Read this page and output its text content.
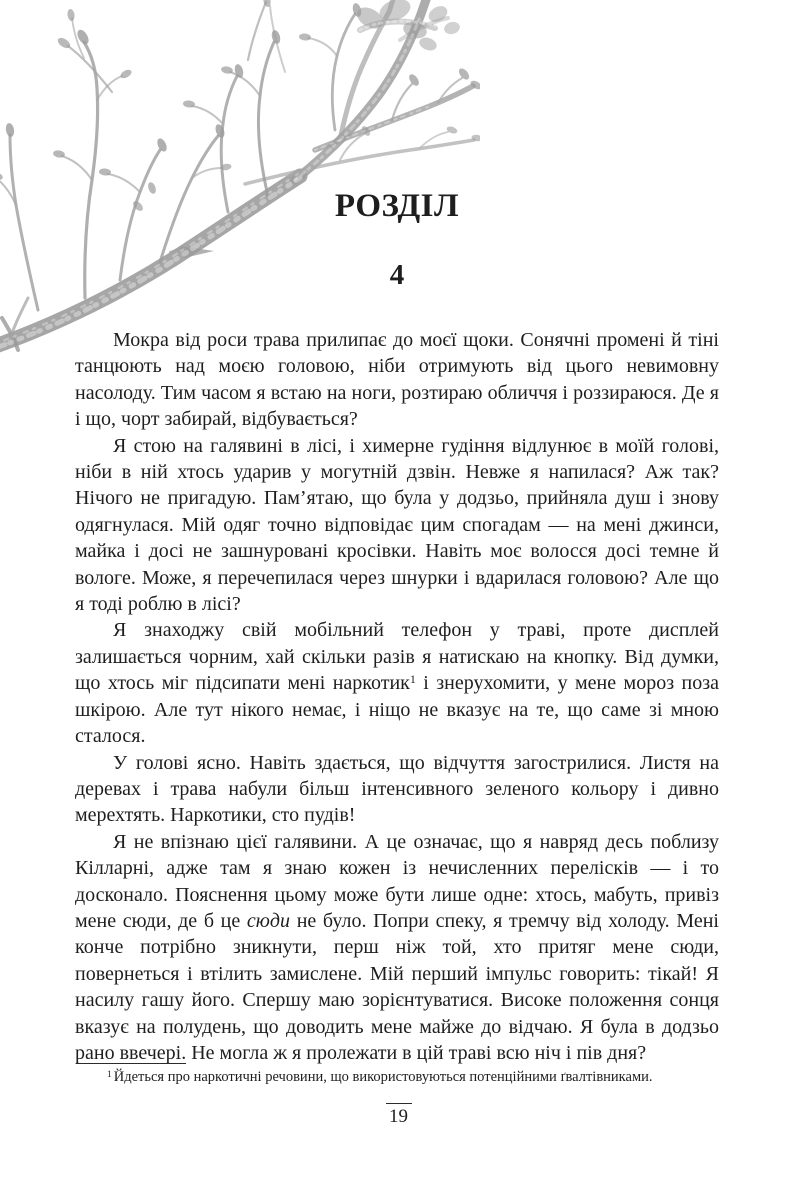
РОЗДІЛ
4

Мокра від роси трава прилипає до моєї щоки. Сонячні промені й тіні танцюють над моєю головою, ніби отримують від цього невимовну насолоду. Тим часом я встаю на ноги, розтираю обличчя і роззираюся. Де я і що, чорт забирай, відбувається?

Я стою на галявині в лісі, і химерне гудіння відлунює в моїй голові, ніби в ній хтось ударив у могутній дзвін. Невже я напилася? Аж так? Нічого не пригадую. Пам’ятаю, що була у додзьо, прийняла душ і знову одягнулася. Мій одяг точно відповідає цим спогадам — на мені джинси, майка і досі не зашнуровані кросівки. Навіть моє волосся досі темне й вологе. Може, я перечепилася через шнурки і вдарилася головою? Але що я тоді роблю в лісі?

Я знаходжу свій мобільний телефон у траві, проте дисплей залишається чорним, хай скільки разів я натискаю на кнопку. Від думки, що хтось міг підсипати мені наркотик$^1$ і знерухомити, у мене мороз поза шкірою. Але тут нікого немає, і ніщо не вказує на те, що саме зі мною сталося.

У голові ясно. Навіть здається, що відчуття загострилися. Листя на деревах і трава набули більш інтенсивного зеленого кольору і дивно мерехтять. Наркотики, сто пудів!

Я не впізнаю цієї галявини. А це означає, що я навряд десь поблизу Кілларні, адже там я знаю кожен із нечисленних перелісків — і то досконало. Пояснення цьому може бути лише одне: хтось, мабуть, привіз мене сюди, де б це сюди не було. Попри спеку, я тремчу від холоду. Мені конче потрібно зникнути, перш ніж той, хто притяг мене сюди, повернеться і втілить замислене. Мій перший імпульс говорить: тікай! Я насилу гашу його. Спершу маю зорієнтуватися. Високе положення сонця вказує на полудень, що доводить мене майже до відчаю. Я була в додзьо рано ввечері. Не могла ж я пролежати в цій траві всю ніч і пів дня?

$^1$ Йдеться про наркотичні речовини, що використовуються потенційними ґвалтівниками.

19
